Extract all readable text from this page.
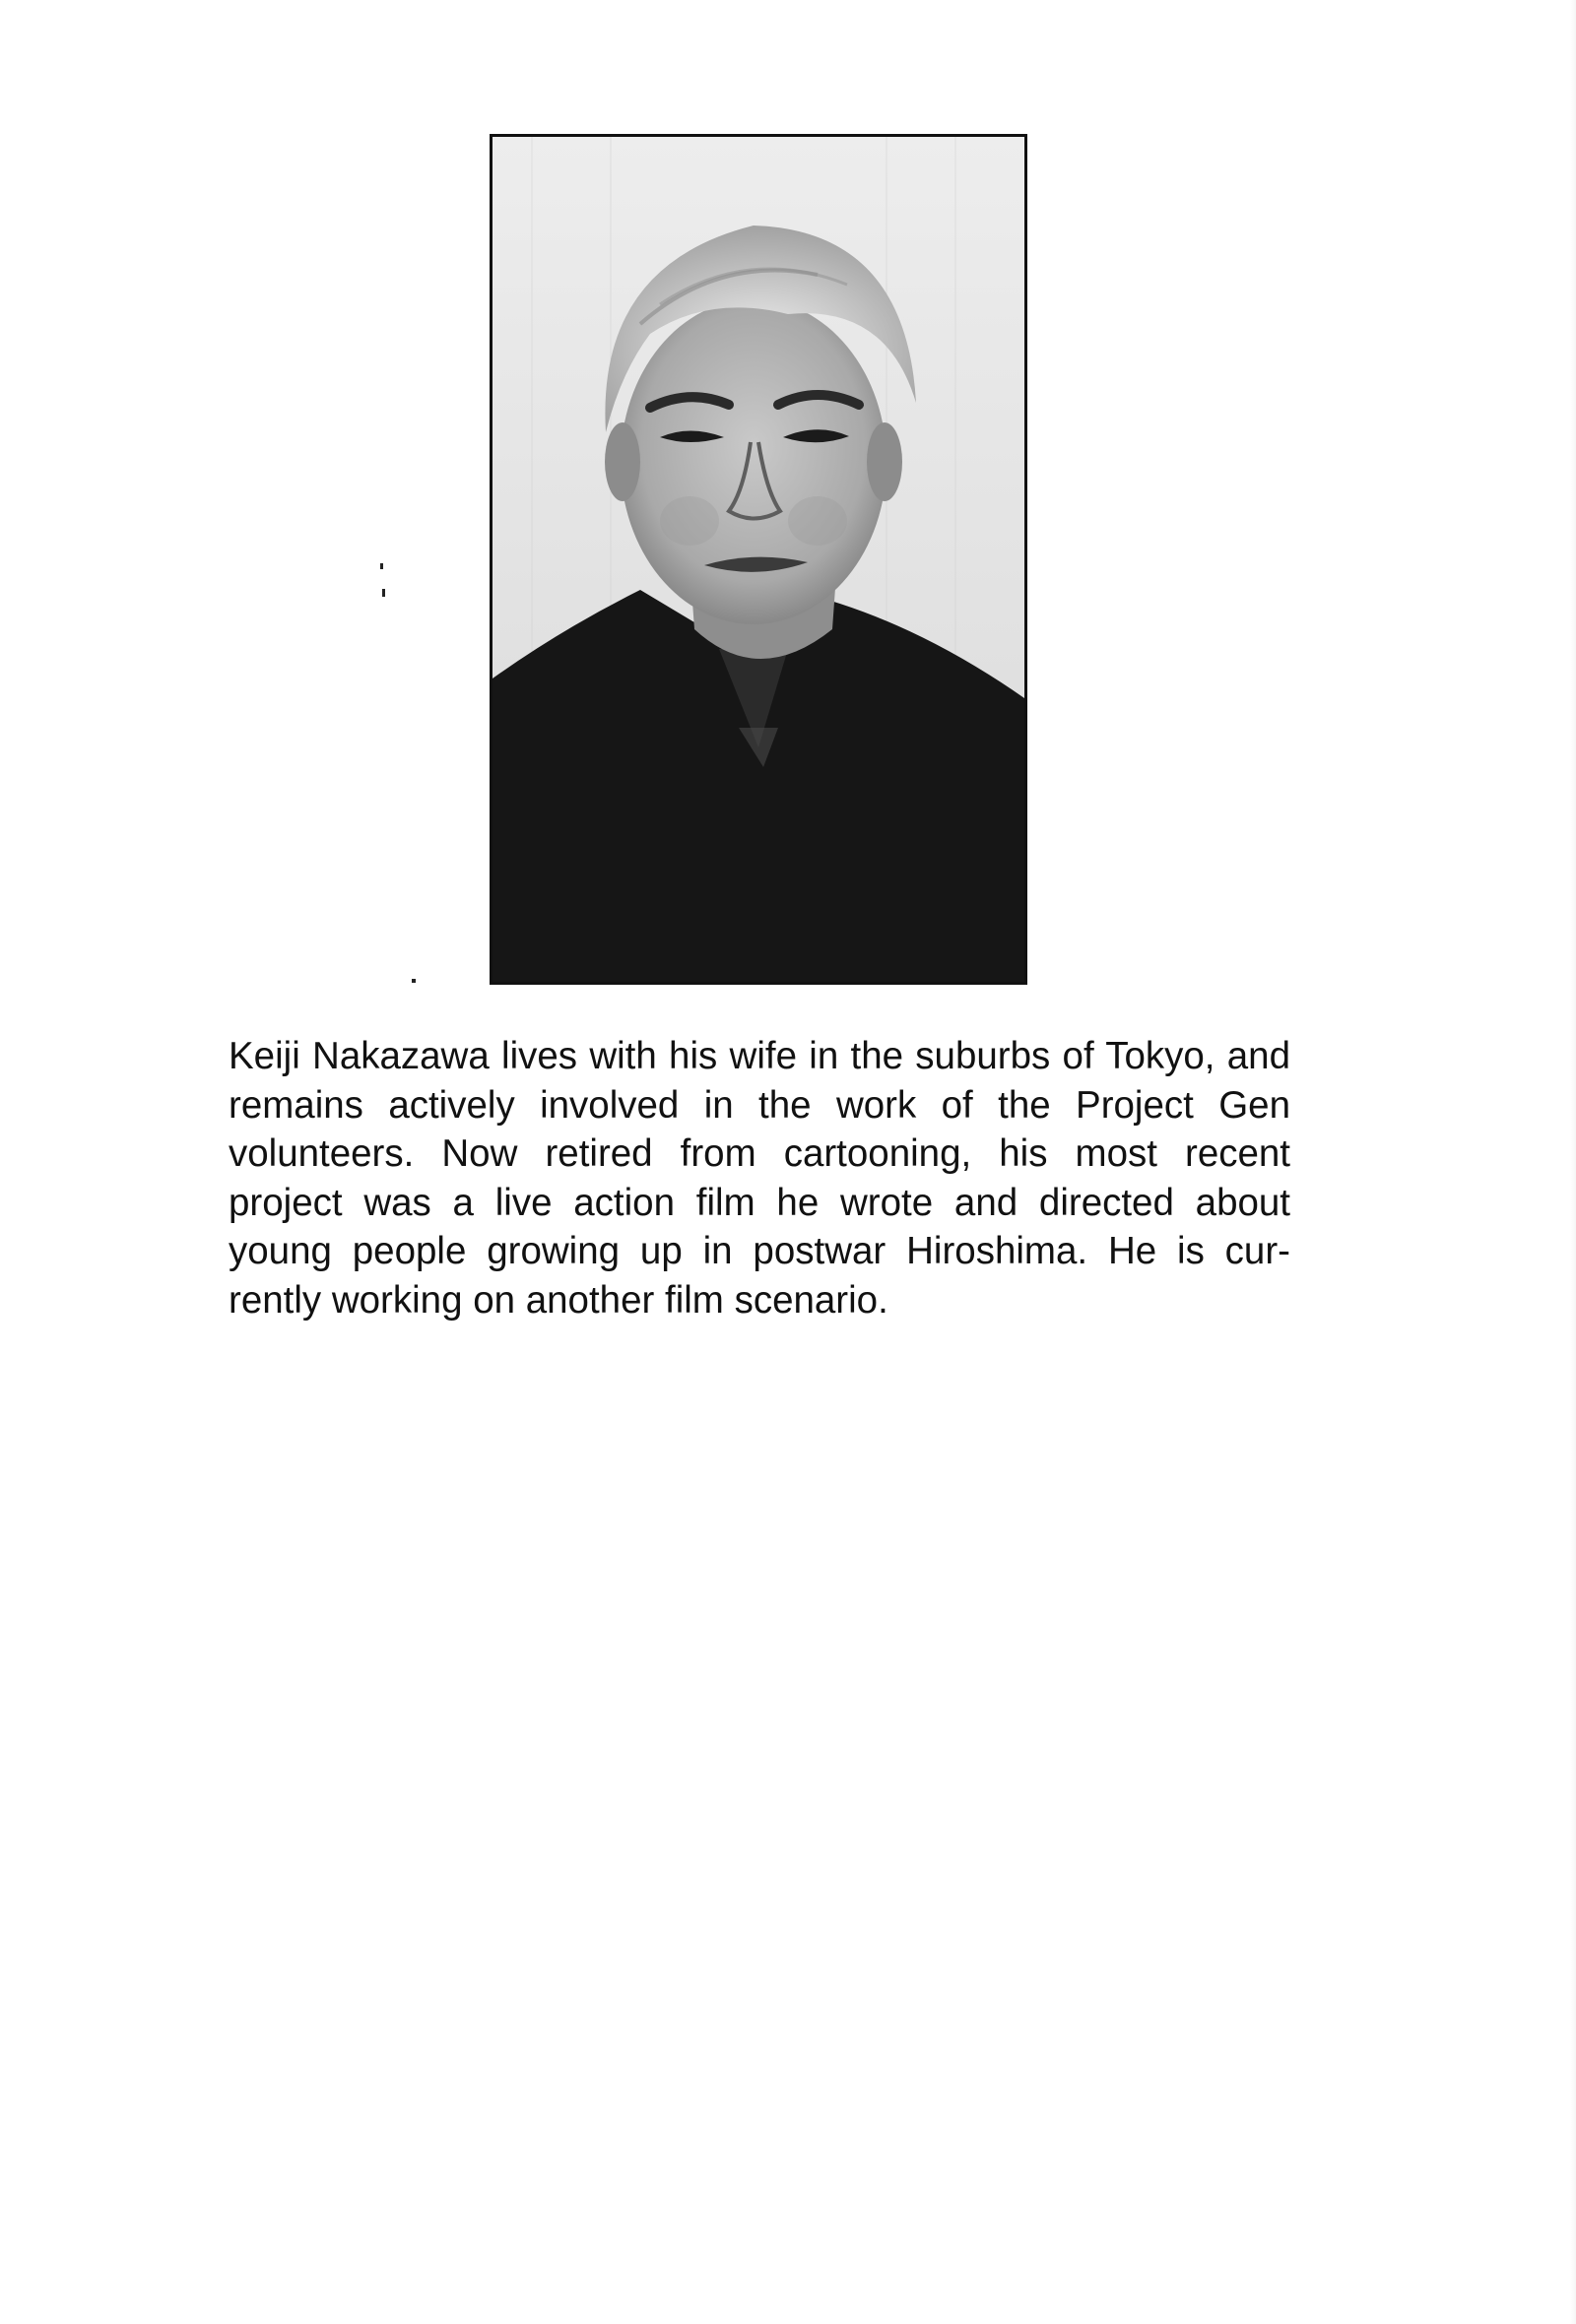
Keiji Nakazawa lives with his wife in the suburbs of Tokyo, and remains actively involved in the work of the Project Gen volunteers. Now retired from cartooning, his most recent project was a live action film he wrote and directed about young people growing up in postwar Hiroshima. He is cur-rently working on another film scenario.
